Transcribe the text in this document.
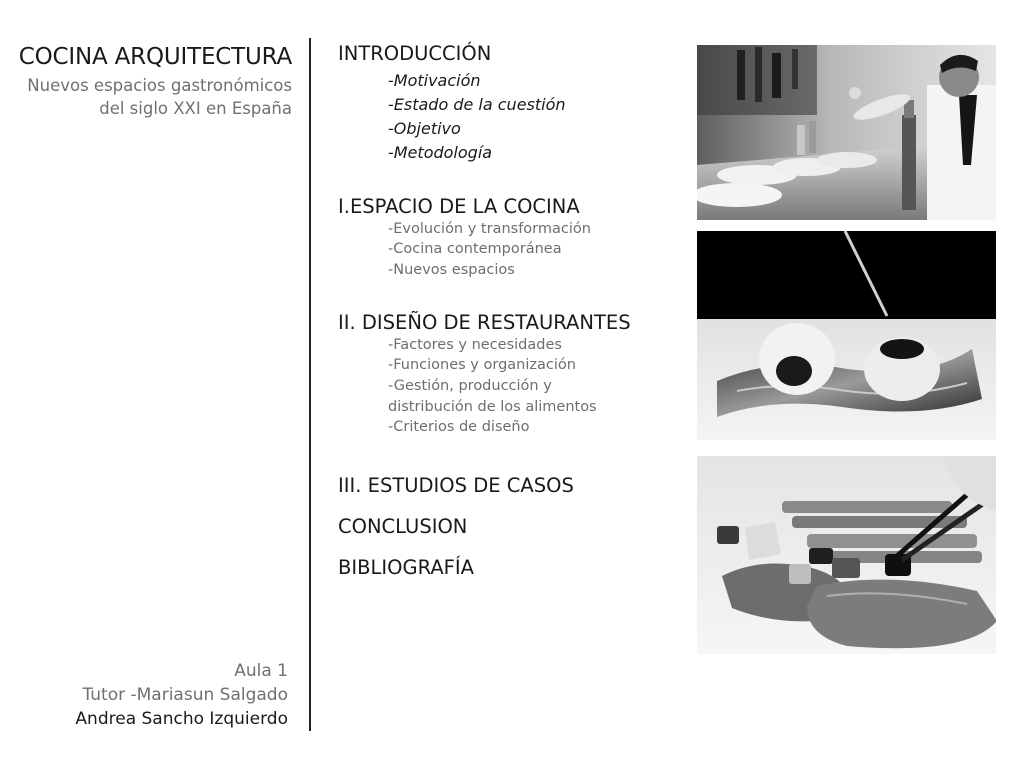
COCINA ARQUITECTURA
Nuevos espacios gastronómicos
del siglo XXI en España
Aula 1
Tutor -Mariasun Salgado
Andrea Sancho Izquierdo
INTRODUCCIÓN
-Motivación
-Estado de la cuestión
-Objetivo
-Metodología
I.ESPACIO DE LA COCINA
-Evolución y transformación
-Cocina contemporánea
-Nuevos espacios
II. DISEÑO DE RESTAURANTES
-Factores y necesidades
-Funciones y organización
-Gestión, producción y
distribución de los alimentos
-Criterios de diseño
III. ESTUDIOS DE CASOS
CONCLUSION
BIBLIOGRAFÍA
